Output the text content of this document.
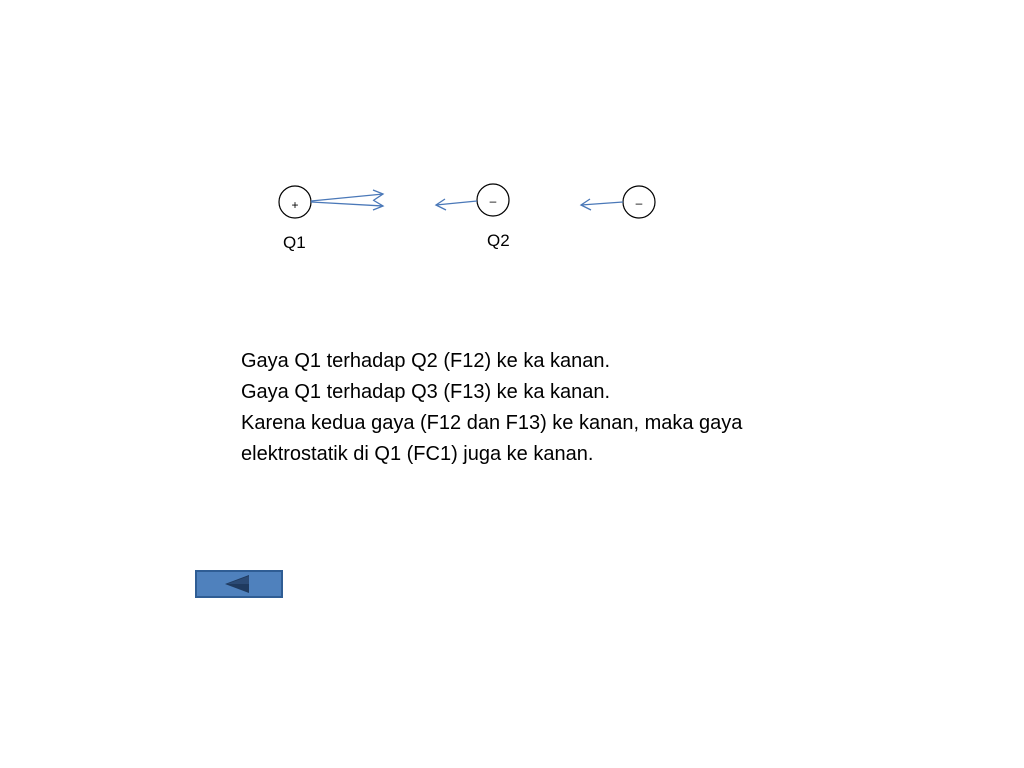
+	–	–
Q1	Q2
Gaya Q1 terhadap Q2 (F12) ke ka kanan.
Gaya Q1 terhadap Q3 (F13) ke ka kanan.
Karena kedua gaya (F12 dan F13) ke kanan, maka gaya
elektrostatik di Q1 (FC1) juga ke kanan.
